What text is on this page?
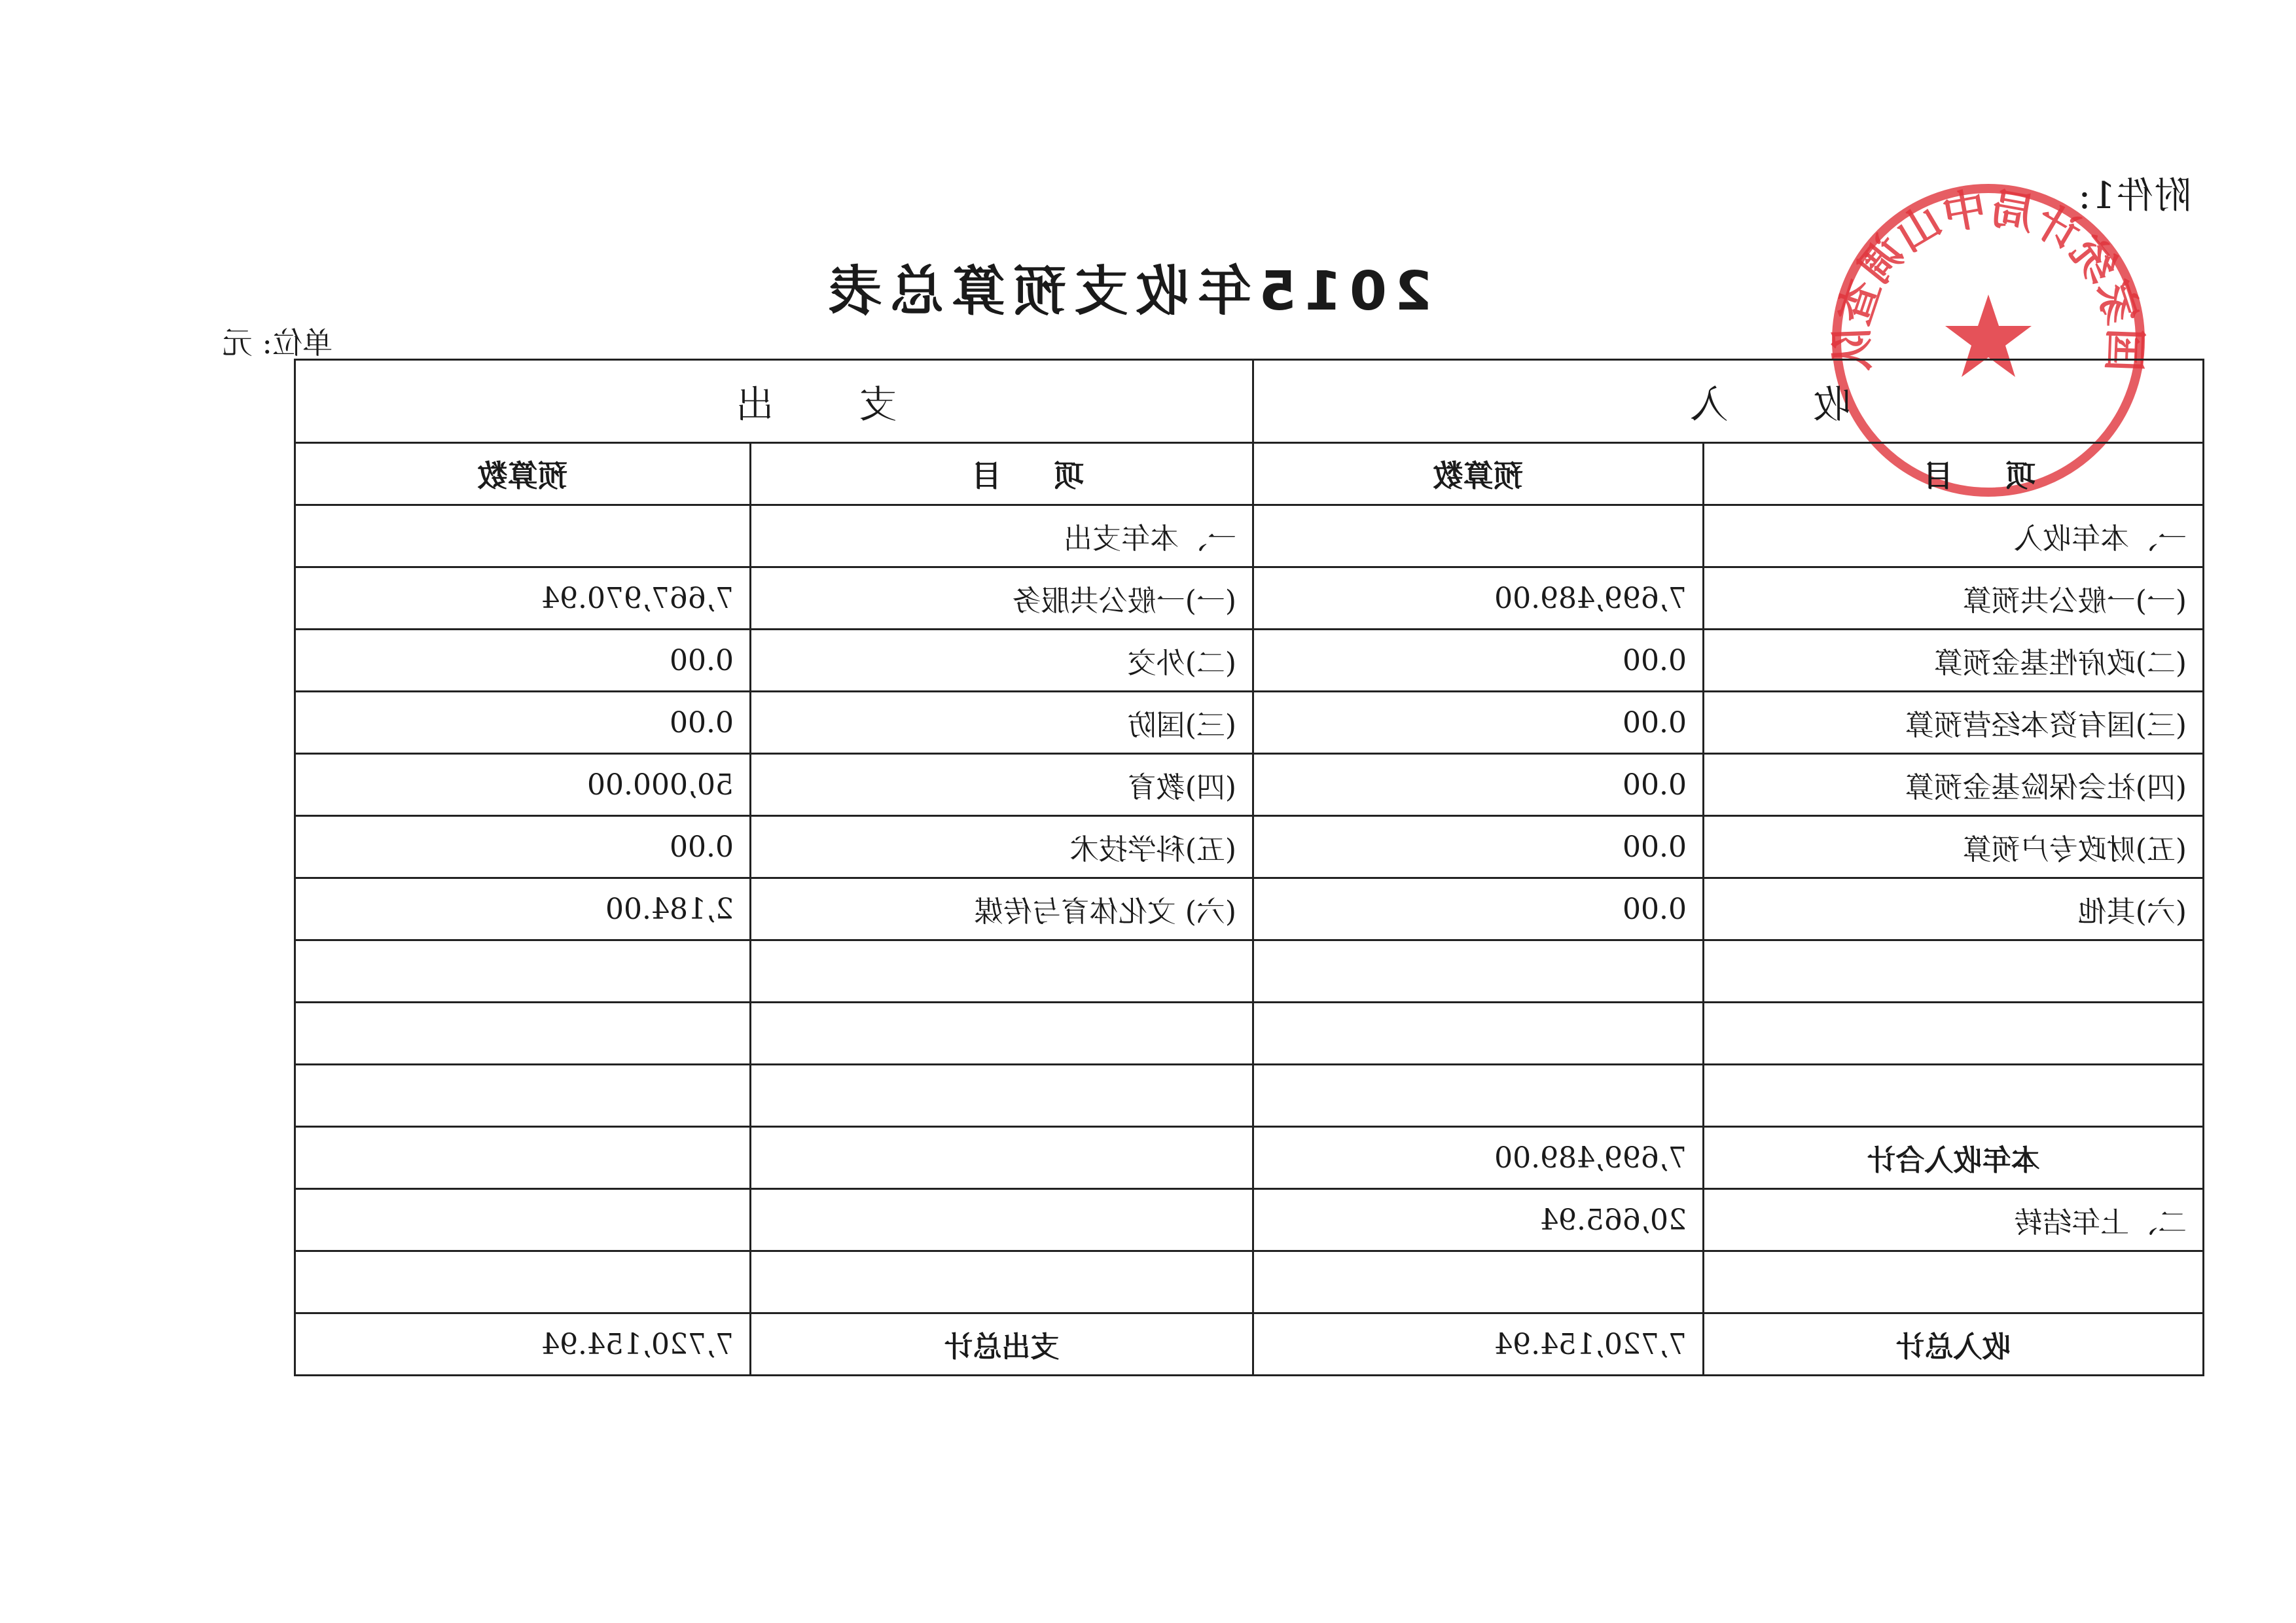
附件1:
国家统计局中山调查队
2015年收支预算总表
单位: 元
收入		支出	
项目	预算数	项目	预算数
一、本年收入		一、本年支出	
(一)一般公共预算	7,699,489.00	(一)一般公共服务	7,667,970.94
(二)政府性基金预算	0.00	(二)外交	0.00
(三)国有资本经营预算	0.00	(三)国防	0.00
(四)社会保险基金预算	0.00	(四)教育	50,000.00
(五)财政专户预算	0.00	(五)科学技术	0.00
(六)其他	0.00	(六) 文化体育与传媒	2,184.00

本年收入合计	7,699,489.00		
二、上年结转	20,665.94		

收入总计	7,720,154.94	支出总计	7,720,154.94
